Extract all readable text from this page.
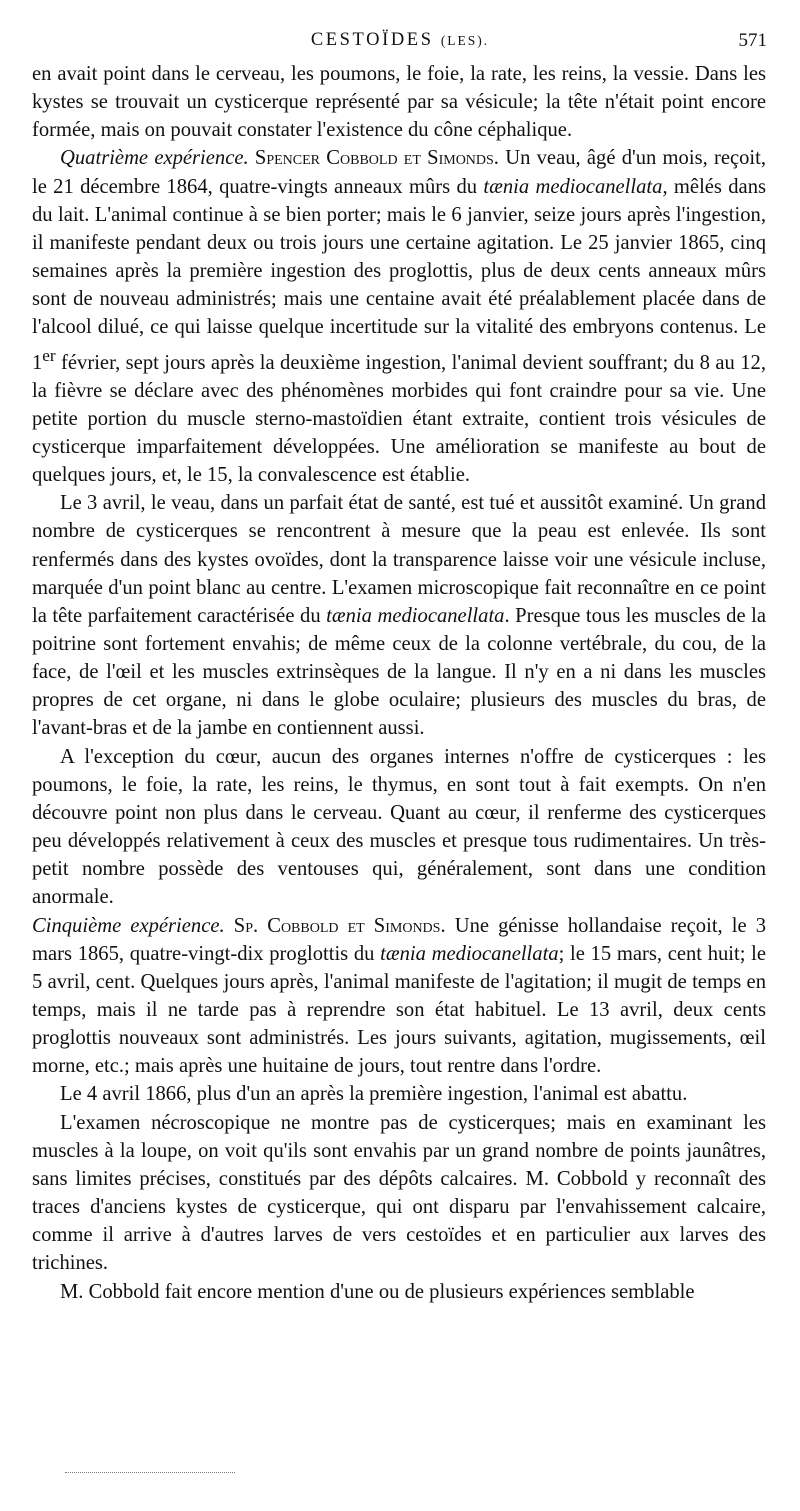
CESTOÏDES (LES).	571

en avait point dans le cerveau, les poumons, le foie, la rate, les reins, la vessie. Dans les kystes se trouvait un cysticerque représenté par sa vésicule; la tête n'était point encore formée, mais on pouvait constater l'existence du cône céphalique.

Quatrième expérience. Spencer Cobbold et Simonds. Un veau, âgé d'un mois, reçoit, le 21 décembre 1864, quatre-vingts anneaux mûrs du tænia mediocanellata, mêlés dans du lait. L'animal continue à se bien porter; mais le 6 janvier, seize jours après l'ingestion, il manifeste pendant deux ou trois jours une certaine agitation. Le 25 janvier 1865, cinq semaines après la première ingestion des proglottis, plus de deux cents anneaux mûrs sont de nouveau administrés; mais une centaine avait été préalablement placée dans de l'alcool dilué, ce qui laisse quelque incertitude sur la vitalité des embryons contenus. Le 1er février, sept jours après la deuxième ingestion, l'animal devient souffrant; du 8 au 12, la fièvre se déclare avec des phénomènes morbides qui font craindre pour sa vie. Une petite portion du muscle sterno-mastoïdien étant extraite, contient trois vésicules de cysticerque imparfaitement développées. Une amélioration se manifeste au bout de quelques jours, et, le 15, la convalescence est établie.

Le 3 avril, le veau, dans un parfait état de santé, est tué et aussitôt examiné. Un grand nombre de cysticerques se rencontrent à mesure que la peau est enlevée. Ils sont renfermés dans des kystes ovoïdes, dont la transparence laisse voir une vésicule incluse, marquée d'un point blanc au centre. L'examen microscopique fait reconnaître en ce point la tête parfaitement caractérisée du tænia mediocanellata. Presque tous les muscles de la poitrine sont fortement envahis; de même ceux de la colonne vertébrale, du cou, de la face, de l'œil et les muscles extrinsèques de la langue. Il n'y en a ni dans les muscles propres de cet organe, ni dans le globe oculaire; plusieurs des muscles du bras, de l'avant-bras et de la jambe en contiennent aussi.

A l'exception du cœur, aucun des organes internes n'offre de cysticerques : les poumons, le foie, la rate, les reins, le thymus, en sont tout à fait exempts. On n'en découvre point non plus dans le cerveau. Quant au cœur, il renferme des cysticerques peu développés relativement à ceux des muscles et presque tous rudimentaires. Un très-petit nombre possède des ventouses qui, généralement, sont dans une condition anormale.

Cinquième expérience. Sp. Cobbold et Simonds. Une génisse hollandaise reçoit, le 3 mars 1865, quatre-vingt-dix proglottis du tænia mediocanellata; le 15 mars, cent huit; le 5 avril, cent. Quelques jours après, l'animal manifeste de l'agitation; il mugit de temps en temps, mais il ne tarde pas à reprendre son état habituel. Le 13 avril, deux cents proglottis nouveaux sont administrés. Les jours suivants, agitation, mugissements, œil morne, etc.; mais après une huitaine de jours, tout rentre dans l'ordre.

Le 4 avril 1866, plus d'un an après la première ingestion, l'animal est abattu.

L'examen nécroscopique ne montre pas de cysticerques; mais en examinant les muscles à la loupe, on voit qu'ils sont envahis par un grand nombre de points jaunâtres, sans limites précises, constitués par des dépôts calcaires. M. Cobbold y reconnaît des traces d'anciens kystes de cysticerque, qui ont disparu par l'envahissement calcaire, comme il arrive à d'autres larves de vers cestoïdes et en particulier aux larves des trichines.

M. Cobbold fait encore mention d'une ou de plusieurs expériences semblable
